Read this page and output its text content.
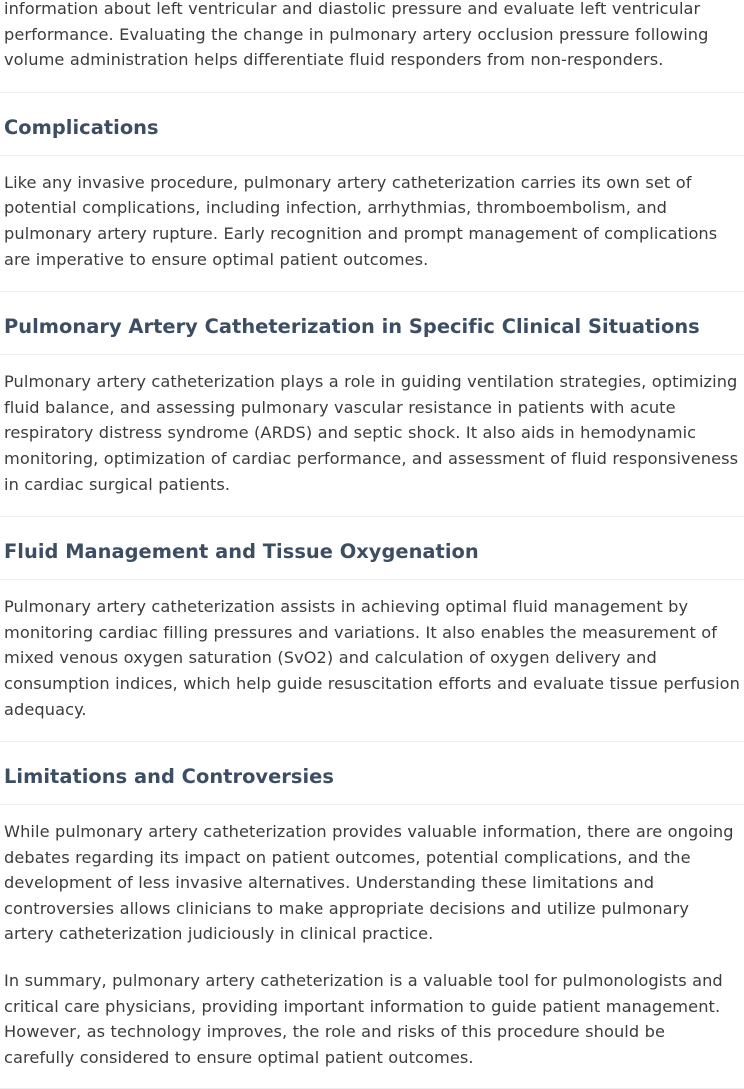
information about left ventricular and diastolic pressure and evaluate left ventricular performance. Evaluating the change in pulmonary artery occlusion pressure following volume administration helps differentiate fluid responders from non-responders.

Complications

Like any invasive procedure, pulmonary artery catheterization carries its own set of potential complications, including infection, arrhythmias, thromboembolism, and pulmonary artery rupture. Early recognition and prompt management of complications are imperative to ensure optimal patient outcomes.

Pulmonary Artery Catheterization in Specific Clinical Situations

Pulmonary artery catheterization plays a role in guiding ventilation strategies, optimizing fluid balance, and assessing pulmonary vascular resistance in patients with acute respiratory distress syndrome (ARDS) and septic shock. It also aids in hemodynamic monitoring, optimization of cardiac performance, and assessment of fluid responsiveness in cardiac surgical patients.

Fluid Management and Tissue Oxygenation

Pulmonary artery catheterization assists in achieving optimal fluid management by monitoring cardiac filling pressures and variations. It also enables the measurement of mixed venous oxygen saturation (SvO2) and calculation of oxygen delivery and consumption indices, which help guide resuscitation efforts and evaluate tissue perfusion adequacy.

Limitations and Controversies

While pulmonary artery catheterization provides valuable information, there are ongoing debates regarding its impact on patient outcomes, potential complications, and the development of less invasive alternatives. Understanding these limitations and controversies allows clinicians to make appropriate decisions and utilize pulmonary artery catheterization judiciously in clinical practice.

In summary, pulmonary artery catheterization is a valuable tool for pulmonologists and critical care physicians, providing important information to guide patient management. However, as technology improves, the role and risks of this procedure should be carefully considered to ensure optimal patient outcomes.
